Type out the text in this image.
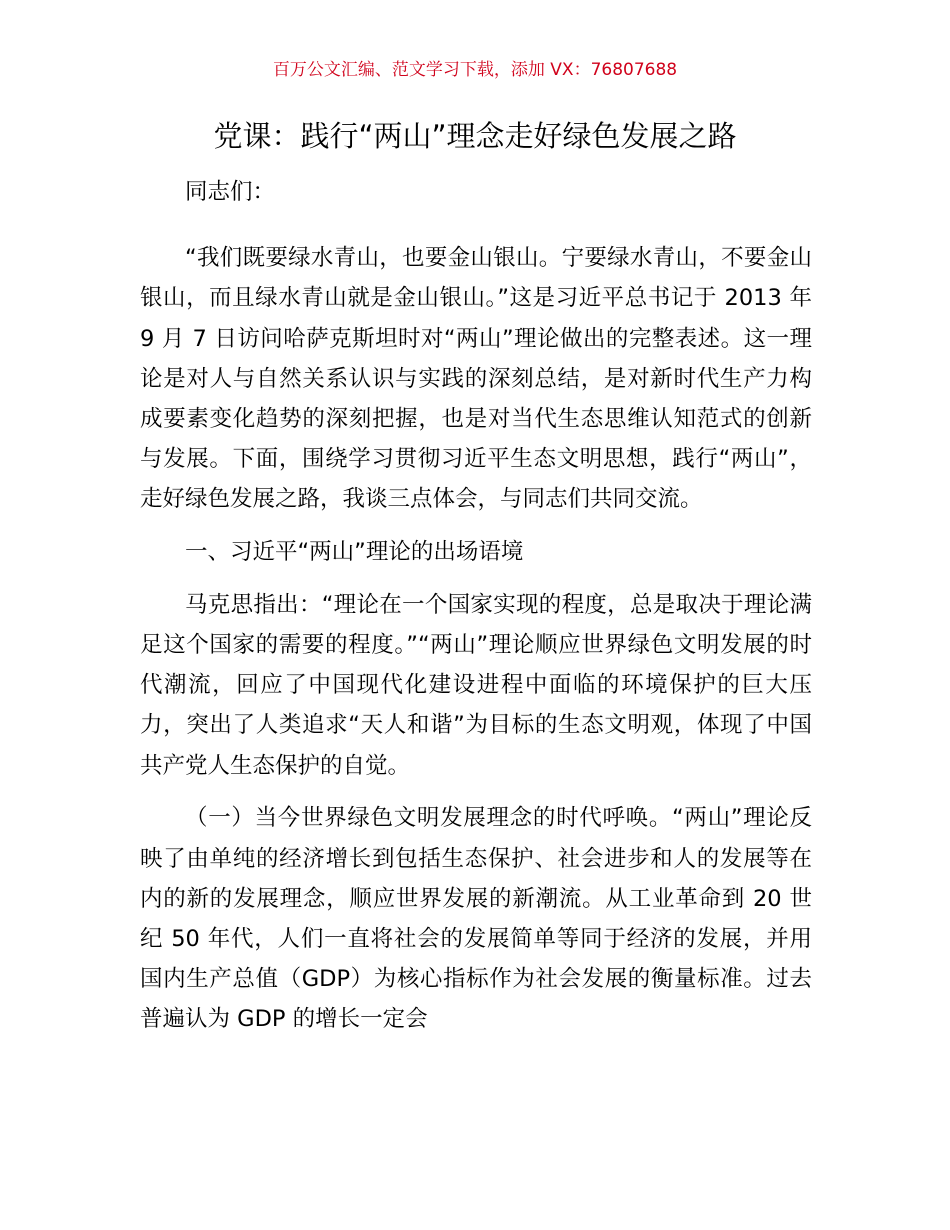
百万公文汇编、范文学习下载，添加 VX：76807688
党课：践行“两山”理念走好绿色发展之路

同志们：

“我们既要绿水青山，也要金山银山。宁要绿水青山，不要金山银山，而且绿水青山就是金山银山。”这是习近平总书记于 2013 年 9 月 7 日访问哈萨克斯坦时对“两山”理论做出的完整表述。这一理论是对人与自然关系认识与实践的深刻总结，是对新时代生产力构成要素变化趋势的深刻把握，也是对当代生态思维认知范式的创新与发展。下面，围绕学习贯彻习近平生态文明思想，践行“两山”，走好绿色发展之路，我谈三点体会，与同志们共同交流。

一、习近平“两山”理论的出场语境

马克思指出：“理论在一个国家实现的程度，总是取决于理论满足这个国家的需要的程度。”“两山”理论顺应世界绿色文明发展的时代潮流，回应了中国现代化建设进程中面临的环境保护的巨大压力，突出了人类追求“天人和谐”为目标的生态文明观，体现了中国共产党人生态保护的自觉。

（一）当今世界绿色文明发展理念的时代呼唤。“两山”理论反映了由单纯的经济增长到包括生态保护、社会进步和人的发展等在内的新的发展理念，顺应世界发展的新潮流。从工业革命到 20 世纪 50 年代，人们一直将社会的发展简单等同于经济的发展，并用国内生产总值（GDP）为核心指标作为社会发展的衡量标准。过去普遍认为 GDP 的增长一定会
